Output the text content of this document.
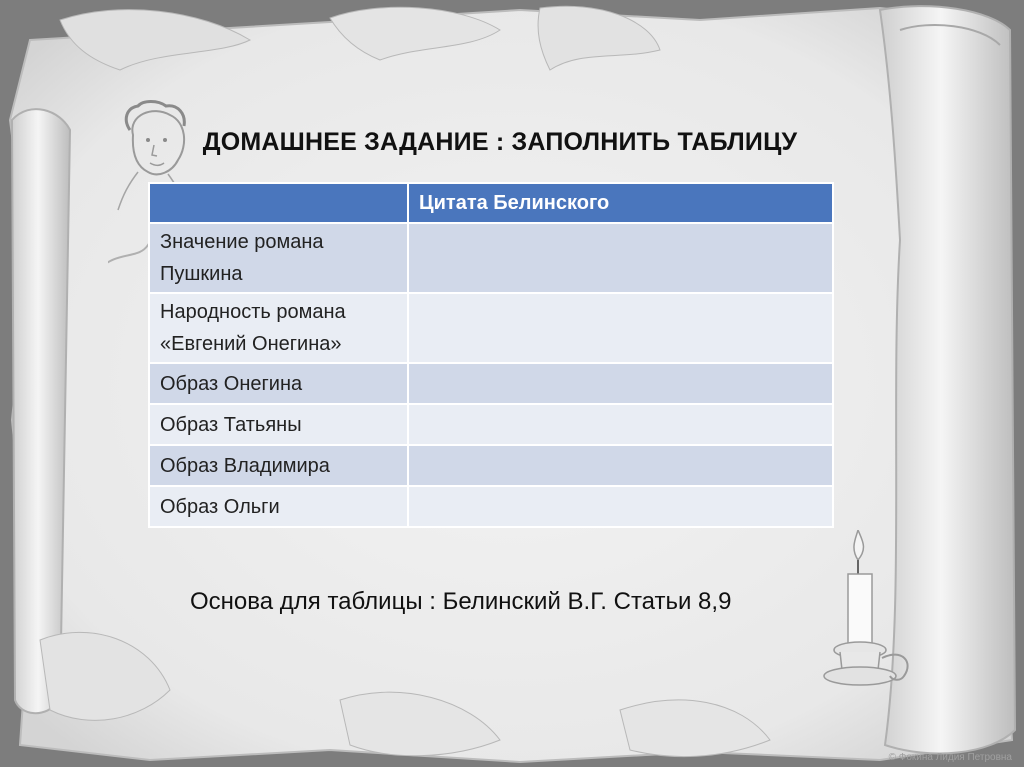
ДОМАШНЕЕ ЗАДАНИЕ : ЗАПОЛНИТЬ ТАБЛИЦУ
	Цитата Белинского
Значение романа Пушкина	
Народность романа «Евгений Онегина»	
Образ Онегина	
Образ Татьяны	
Образ Владимира	
Образ Ольги	
Основа для таблицы : Белинский В.Г. Статьи 8,9
© Фокина Лидия Петровна
